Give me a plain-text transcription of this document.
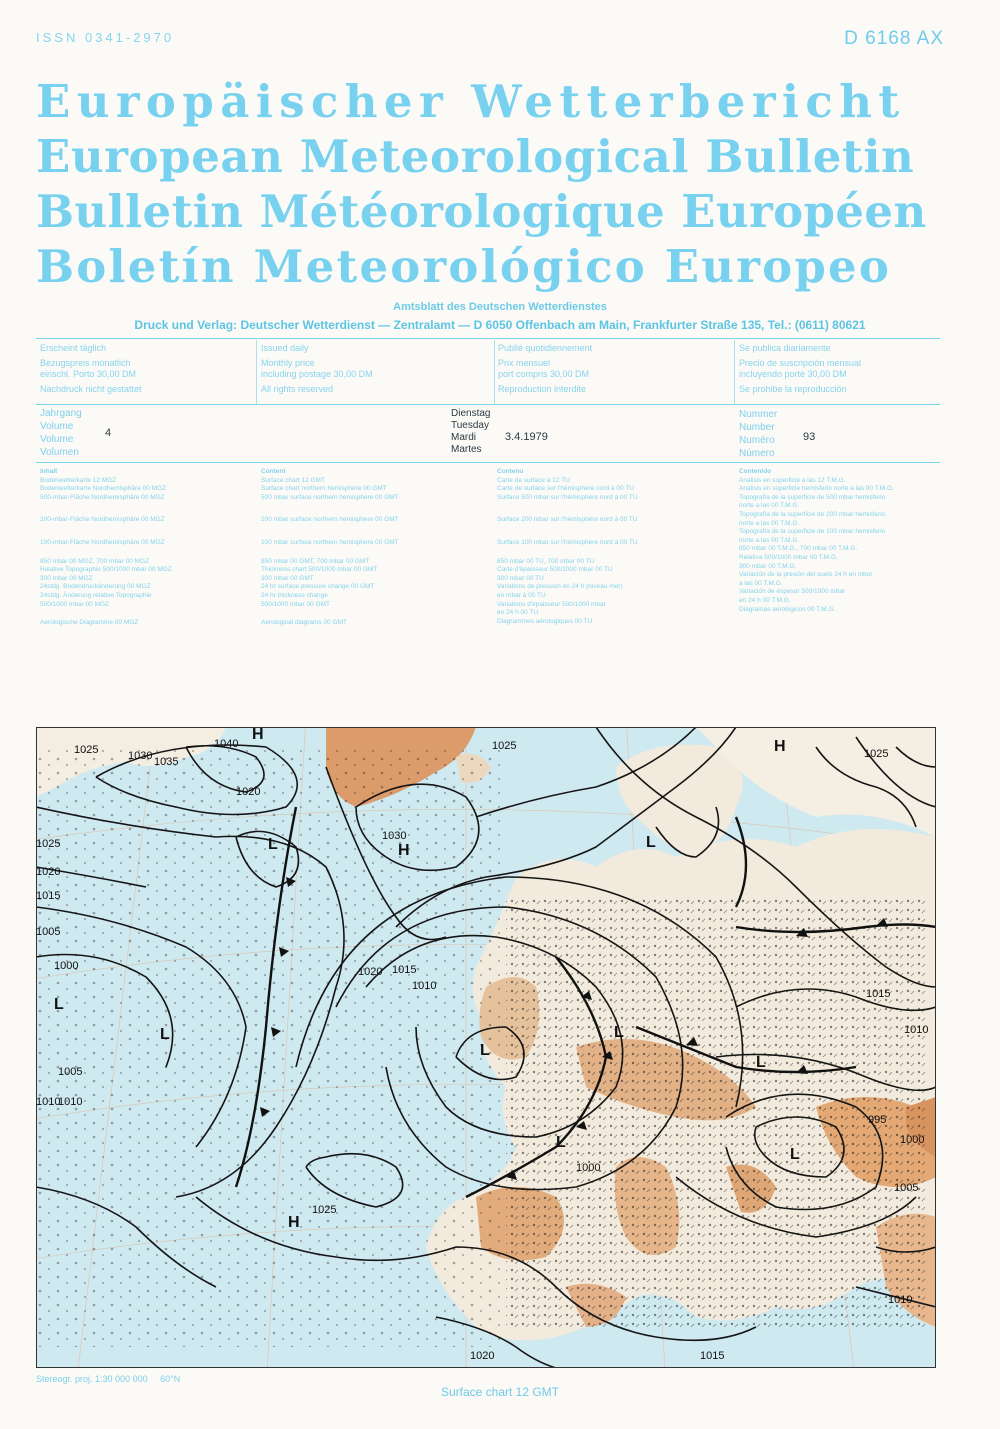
ISSN 0341-2970	D 6168 AX
Europäischer Wetterbericht
European Meteorological Bulletin
Bulletin Météorologique Européen
Boletín Meteorológico Europeo
Amtsblatt des Deutschen Wetterdienstes
Druck und Verlag: Deutscher Wetterdienst — Zentralamt — D 6050 Offenbach am Main, Frankfurter Straße 135, Tel.: (0611) 80621
Erscheint täglich
Bezugspreis monatlich
einschl. Porto 30,00 DM
Nachdruck nicht gestattet
Issued daily
Monthly price
including postage 30,00 DM
All rights reserved
Publié quotidiennement
Prix mensuel
port compris 30,00 DM
Reproduction interdite
Se publica diariamente
Precio de suscripción mensual
incluyendo porte 30,00 DM
Se prohibe la reproducción
Jahrgang
Volume
Volume
Volumen
4
Dienstag
Tuesday
Mardi
Martes
3.4.1979
Nummer
Number
Numéro
Número
93
Inhalt
Bodenwetterkarte 12 MGZ
Bodenwetterkarte Nordhemisphäre 00 MGZ
500-mbar-Fläche Nordhemisphäre 00 MGZ
200-mbar-Fläche Nordhemisphäre 00 MGZ
100-mbar-Fläche Nordhemisphäre 00 MGZ
850 mbar 00 MGZ, 700 mbar 00 MGZ
Relative Topographie 500/1000 mbar 00 MGZ
300 mbar 00 MGZ
24stdg. Bodendruckänderung 00 MGZ
24stdg. Änderung relative Topographie
500/1000 mbar 00 MGZ
Aerologische Diagramme 00 MGZ
Content
Surface chart 12 GMT
Surface chart northern hemisphere 00 GMT
500 mbar surface northern hemisphere 00 GMT
200 mbar surface northern hemisphere 00 GMT
100 mbar surface northern hemisphere 00 GMT
850 mbar 00 GMT, 700 mbar 00 GMT
Thickness chart 500/1000 mbar 00 GMT
300 mbar 00 GMT
24 hr surface pressure change 00 GMT
24 hr thickness change
500/1000 mbar 00 GMT
Aerological diagrams 00 GMT
Contenu
Carte de surface à 12 TU
Carte de surface sur l'hémisphère nord à 00 TU
Surface 500 mbar sur l'hémisphère nord à 00 TU
Surface 200 mbar sur l'hémisphère nord à 00 TU
Surface 100 mbar sur l'hémisphère nord à 00 TU
850 mbar 00 TU, 700 mbar 00 TU
Carte d'épaisseur 500/1000 mbar 00 TU
300 mbar 00 TU
Variations de pression en 24 h (niveau mer)
en mbar à 00 TU
Variations d'épaisseur 500/1000 mbar
en 24 h 00 TU
Diagrammes aérologiques 00 TU
Contenido
Análisis en superficie a las 12 T.M.G.
Análisis en superficie hemisferio norte a las 00 T.M.G.
Topografía de la superficie de 500 mbar hemisferio
norte a las 00 T.M.G.
Topografía de la superficie de 200 mbar hemisferio
norte a las 00 T.M.G.
Topografía de la superficie de 100 mbar hemisferio
norte a las 00 T.M.G.
850 mbar 00 T.M.G., 700 mbar 00 T.M.G.
Relativa 500/1000 mbar 00 T.M.G.
300 mbar 00 T.M.G.
Variación de la presión del suelo 24 h en mbor
a las 00 T.M.G.
Variación de espesor 500/1000 mbar
en 24 h 00 T.M.G.
Diagramas aerológicos 00 T.M.G.
1040
1035
1030
1030
1025
1025
1025
1020
1020
1015
1015
1010
1010
1005
1005
1000
1000
995
1025
1020
1015
1010
1005
1000
1010
1010
1020
1025
1015
H
H
H
L
L
L
L
L
L
L
L
L
H
Stereogr. proj. 1:30 000 000 60°N
Surface chart 12 GMT
